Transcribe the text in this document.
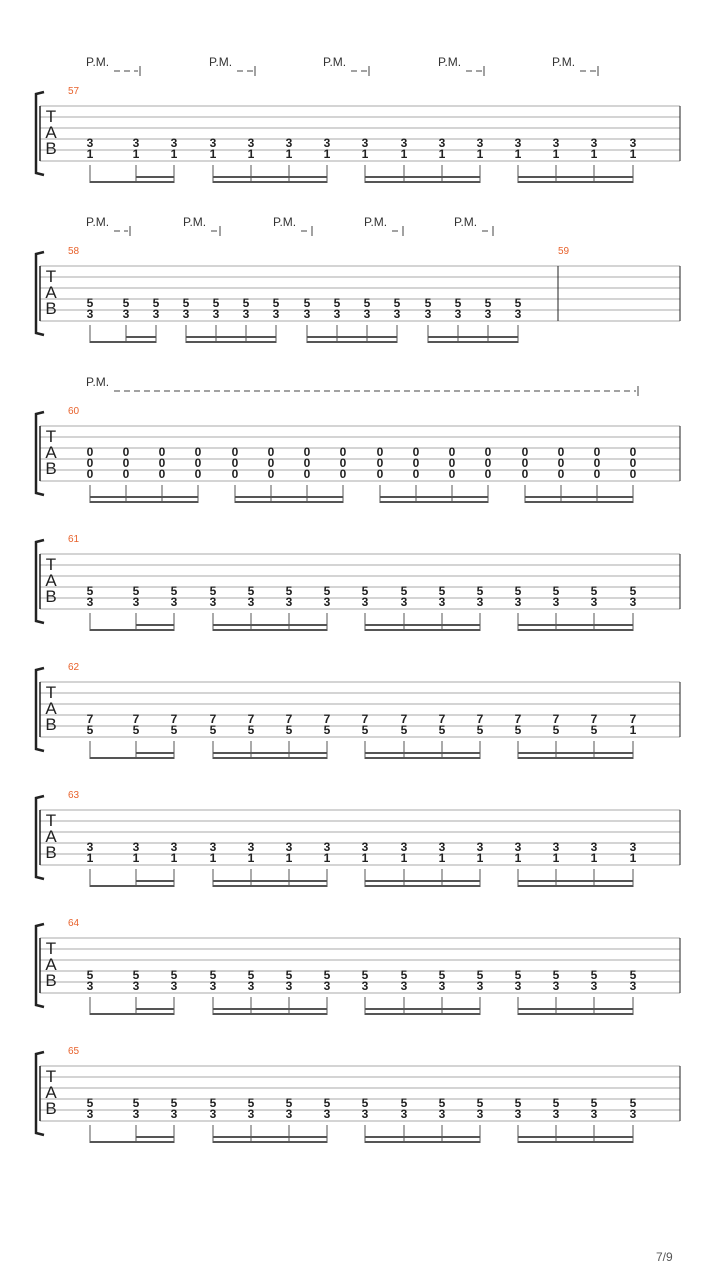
T
A
B
57
3
1
3
1
3
1
3
1
3
1
3
1
3
1
3
1
3
1
3
1
3
1
3
1
3
1
3
1
3
1
P.M.	P.M.	P.M.	P.M.	P.M.
T
A
B
58	59
5
3
5
3
5
3
5
3
5
3
5
3
5
3
5
3
5
3
5
3
5
3
5
3
5
3
5
3
5
3
P.M.	P.M.	P.M.	P.M.	P.M.
T
A
B
60
0
0
0
0
0
0
0
0
0
0
0
0
0
0
0
0
0
0
0
0
0
0
0
0
0
0
0
0
0
0
0
0
0
0
0
0
0
0
0
0
0
0
0
0
0
0
0
0
P.M.
T
A
B
61
5
3
5
3
5
3
5
3
5
3
5
3
5
3
5
3
5
3
5
3
5
3
5
3
5
3
5
3
5
3
T
A
B
62
7
5
7
5
7
5
7
5
7
5
7
5
7
5
7
5
7
5
7
5
7
5
7
5
7
5
7
5
7
1
T
A
B
63
3
1
3
1
3
1
3
1
3
1
3
1
3
1
3
1
3
1
3
1
3
1
3
1
3
1
3
1
3
1
T
A
B
64
5
3
5
3
5
3
5
3
5
3
5
3
5
3
5
3
5
3
5
3
5
3
5
3
5
3
5
3
5
3
T
A
B
65
5
3
5
3
5
3
5
3
5
3
5
3
5
3
5
3
5
3
5
3
5
3
5
3
5
3
5
3
5
3
7/9
